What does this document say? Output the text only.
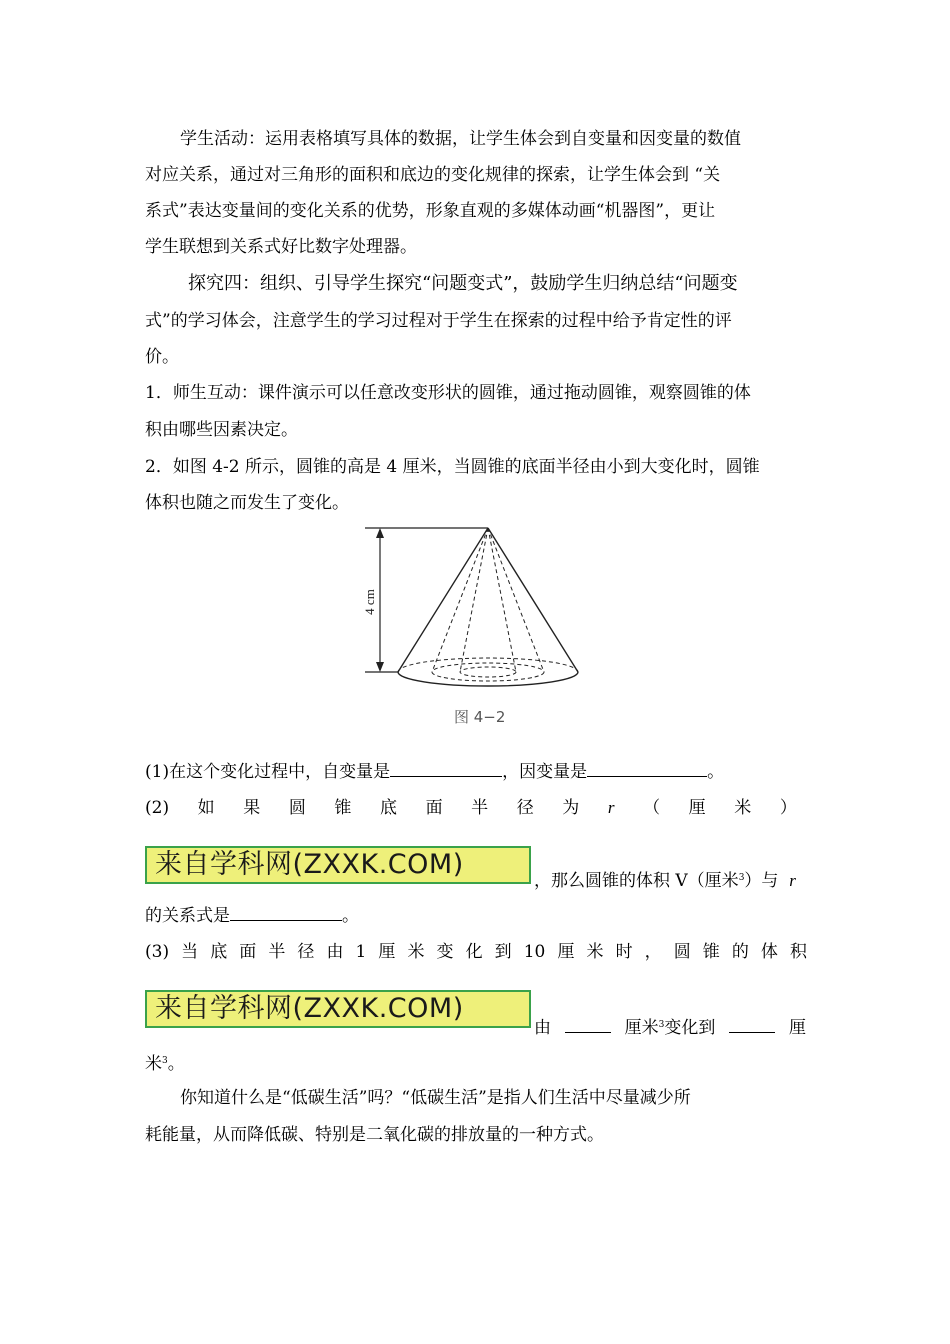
学生活动：运用表格填写具体的数据，让学生体会到自变量和因变量的数值
对应关系，通过对三角形的面积和底边的变化规律的探索，让学生体会到 “关
系式”表达变量间的变化关系的优势，形象直观的多媒体动画“机器图”，更让
学生联想到关系式好比数字处理器。
探究四：组织、引导学生探究“问题变式”，鼓励学生归纳总结“问题变
式”的学习体会，注意学生的学习过程对于学生在探索的过程中给予肯定性的评
价。
1．师生互动：课件演示可以任意改变形状的圆锥，通过拖动圆锥，观察圆锥的体
积由哪些因素决定。
2．如图 4-2 所示，圆锥的高是 4 厘米，当圆锥的底面半径由小到大变化时，圆锥
体积也随之而发生了变化。
4 cm
图 4−2
(1)在这个变化过程中，自变量是	，因变量是	。
(2) 如 果 圆 锥 底 面 半 径 为 r （ 厘 米 ）
来自学科网(ZXXK.COM)
，那么圆锥的体积 V（厘米$^3$）与 r
的关系式是	。
(3) 当 底 面 半 径 由 1 厘 米 变 化 到 10 厘 米 时 ， 圆 锥 的 体 积
来自学科网(ZXXK.COM)
由	厘米$^3$变化到	厘
米$^3$。
你知道什么是“低碳生活”吗？“低碳生活”是指人们生活中尽量减少所
耗能量，从而降低碳、特别是二氧化碳的排放量的一种方式。
